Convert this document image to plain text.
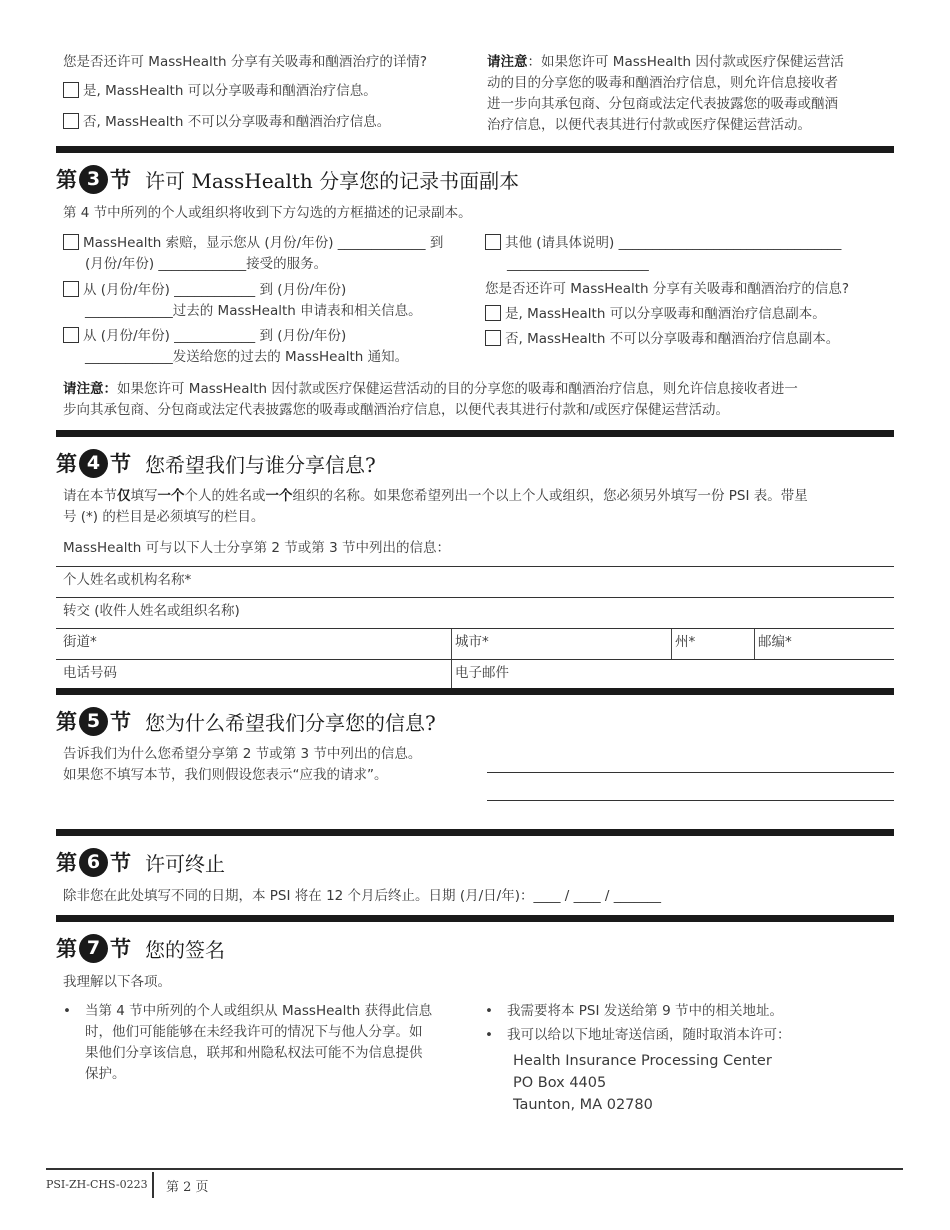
您是否还许可 MassHealth 分享有关吸毒和酗酒治疗的详情?
是, MassHealth 可以分享吸毒和酗酒治疗信息。
否, MassHealth 不可以分享吸毒和酗酒治疗信息。
请注意：如果您许可 MassHealth 因付款或医疗保健运营活
动的目的分享您的吸毒和酗酒治疗信息，则允许信息接收者
进一步向其承包商、分包商或法定代表披露您的吸毒或酗酒
治疗信息，以便代表其进行付款或医疗保健运营活动。
第 3 节 许可 MassHealth 分享您的记录书面副本
第 4 节中所列的个人或组织将收到下方勾选的方框描述的记录副本。
MassHealth 索赔，显示您从 (月份/年份) _____________ 到
(月份/年份) _____________接受的服务。
从 (月份/年份) ____________ 到 (月份/年份)
_____________过去的 MassHealth 申请表和相关信息。
从 (月份/年份) ____________ 到 (月份/年份)
_____________发送给您的过去的 MassHealth 通知。
其他 (请具体说明) _________________________________
_____________________
您是否还许可 MassHealth 分享有关吸毒和酗酒治疗的信息?
是, MassHealth 可以分享吸毒和酗酒治疗信息副本。
否, MassHealth 不可以分享吸毒和酗酒治疗信息副本。
请注意：如果您许可 MassHealth 因付款或医疗保健运营活动的目的分享您的吸毒和酗酒治疗信息，则允许信息接收者进一
步向其承包商、分包商或法定代表披露您的吸毒或酗酒治疗信息，以便代表其进行付款和/或医疗保健运营活动。
第 4 节 您希望我们与谁分享信息?
请在本节仅填写一个个人的姓名或一个组织的名称。如果您希望列出一个以上个人或组织，您必须另外填写一份 PSI 表。带星
号 (*) 的栏目是必须填写的栏目。
MassHealth 可与以下人士分享第 2 节或第 3 节中列出的信息：
个人姓名或机构名称*
转交 (收件人姓名或组织名称)
街道*	城市*	州*	邮编*
电话号码	电子邮件
第 5 节 您为什么希望我们分享您的信息?
告诉我们为什么您希望分享第 2 节或第 3 节中列出的信息。
如果您不填写本节，我们则假设您表示“应我的请求”。
第 6 节 许可终止
除非您在此处填写不同的日期，本 PSI 将在 12 个月后终止。日期 (月/日/年)：____ / ____ / _______
第 7 节 您的签名
我理解以下各项。
• 当第 4 节中所列的个人或组织从 MassHealth 获得此信息
时，他们可能能够在未经我许可的情况下与他人分享。如
果他们分享该信息，联邦和州隐私权法可能不为信息提供
保护。
•	我需要将本 PSI 发送给第 9 节中的相关地址。
•	我可以给以下地址寄送信函，随时取消本许可：
Health Insurance Processing Center
PO Box 4405
Taunton, MA 02780
PSI-ZH-CHS-0223 第 2 页
